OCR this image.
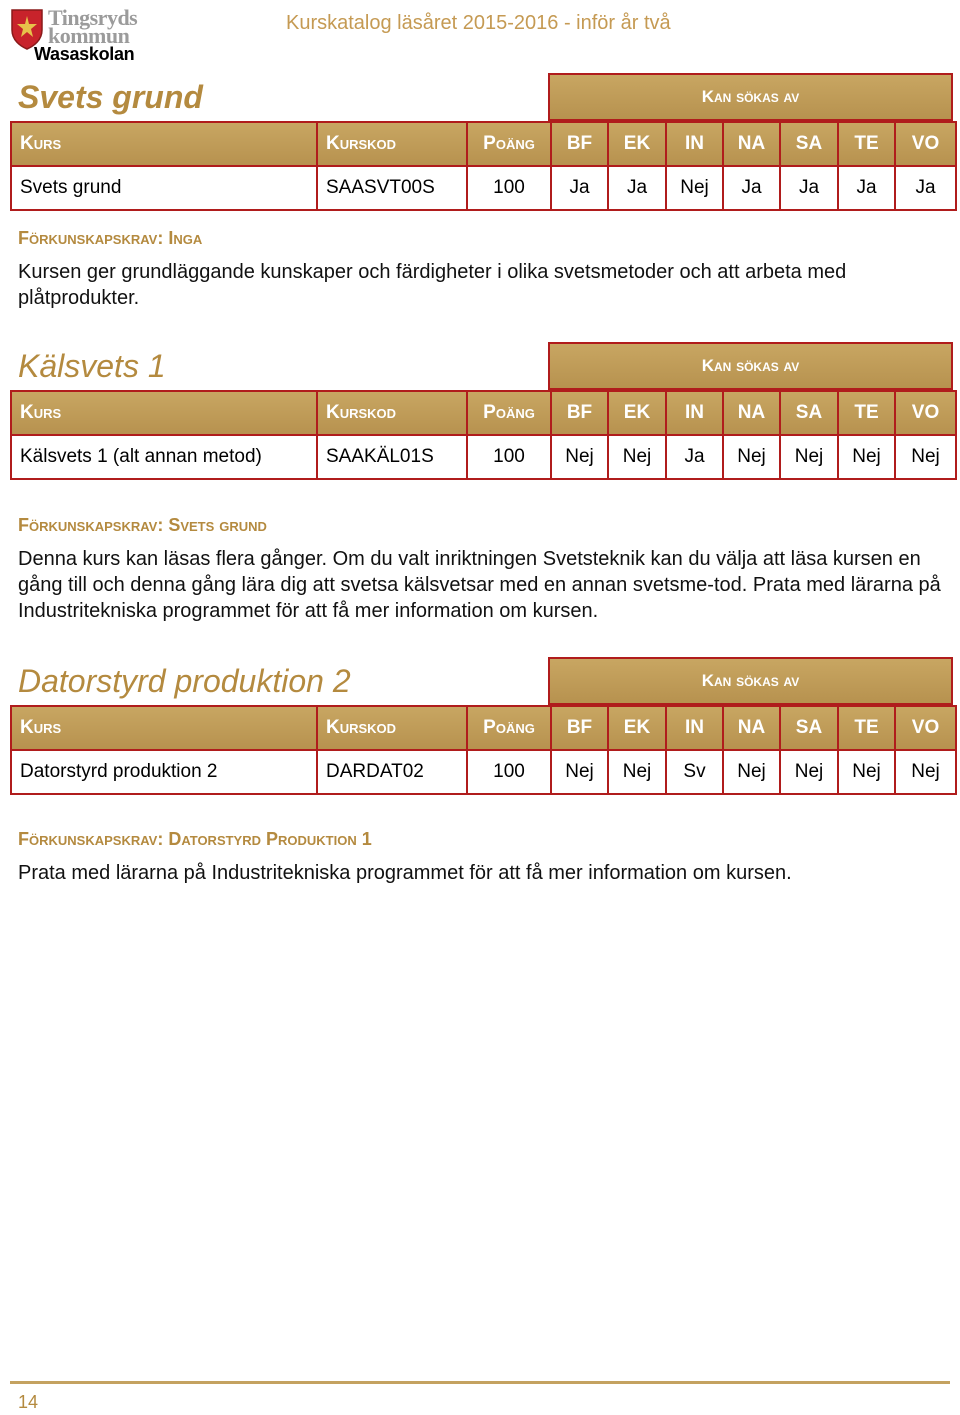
Tingsryds
kommun
Wasaskolan
Kurskatalog läsåret 2015-2016 - inför år två
Svets grund	Kan sökas av
Kurs	Kurskod	Poäng	BF	EK	IN	NA	SA	TE	VO
Svets grund	SAASVT00S	100	Ja	Ja	Nej	Ja	Ja	Ja	Ja
Förkunskapskrav: Inga
Kursen ger grundläggande kunskaper och färdigheter i olika svetsmetoder och att arbeta med plåtprodukter.
Kälsvets 1	Kan sökas av
Kurs	Kurskod	Poäng	BF	EK	IN	NA	SA	TE	VO
Kälsvets 1 (alt annan metod)	SAAKÄL01S	100	Nej	Nej	Ja	Nej	Nej	Nej	Nej
Förkunskapskrav: Svets grund
Denna kurs kan läsas flera gånger. Om du valt inriktningen Svetsteknik kan du välja att läsa kursen en gång till och denna gång lära dig att svetsa kälsvetsar med en annan svetsme-tod. Prata med lärarna på Industritekniska programmet för att få mer information om kursen.
Datorstyrd produktion 2	Kan sökas av
Kurs	Kurskod	Poäng	BF	EK	IN	NA	SA	TE	VO
Datorstyrd produktion 2	DARDAT02	100	Nej	Nej	Sv	Nej	Nej	Nej	Nej
Förkunskapskrav: Datorstyrd Produktion 1
Prata med lärarna på Industritekniska programmet för att få mer information om kursen.
14
